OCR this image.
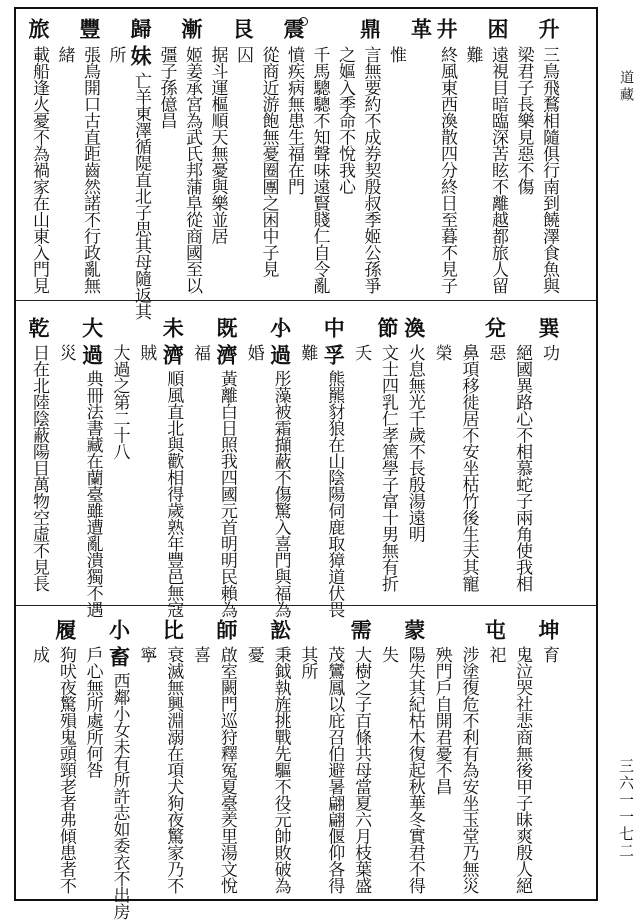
升
三鳥飛鶩相隨俱行南到饒澤食魚與
梁君子長樂見惡不傷
困
遠視目暗臨深苦眩不離越都旅人留
難
井
終風東西渙散四分終日至暮不見子
革
惟
鼎
言無要約不成券契殷叔季姬公孫爭
之嫗入季命不悅我心
千馬驄驄不知聲味遠賢賤仁自令亂
震
憤疾病無患生福在門
從商近游飽無憂圈團之困中子見
艮
囚
据斗運樞順天無憂與樂並居
漸
姬姜承宮為武氏邦蒲阜從商國至以
彊子孫億昌
歸妹
亡羊東澤循隄直北子思其母隨返其
所
豐
張鳥開口古直距齒然諾不行政亂無
緒
旅
載船逢火憂不為禍家在山東入門見
巽
功
絕國異路心不相慕蛇子兩角使我相
兌
惡
鼻項移徙居不安坐枯竹後生夫其寵
榮
渙
火息無光千歲不長殷湯遠明
節
文士四乳仁孝篤學子富十男無有折
夭
中孚
熊羆豺狼在山陰陽伺鹿取獐道伏畏
難
小過
彤藻被霜擷蔽不傷驚入喜門與福為
婚
既濟
黃離白日照我四國元首明明民賴為
福
未濟
順風直北與歡相得歲熟年豐邑無寇
賊
大過之第二十八
大過
典冊法書藏在蘭臺雖遭亂潰獨不遇
災
乾
日在北陸陰蔽陽目萬物空虛不見長
坤
育
鬼泣哭社悲商無後甲子昧爽殷人絕
屯
祀
涉塗復危不利有為安坐玉堂乃無災
殃門戶自開君憂不昌
蒙
陽失其紀枯木復起秋華冬實君不得
失
需
大樹之子百條共母當夏六月枝葉盛
茂鸞鳳以庇召伯避暑翩翩偃仰各得
其所
訟
秉鉞執旌挑戰先驅不役元帥敗破為
憂
師
啟室闕門巡狩釋冤夏臺羑里湯文悅
喜
比
衰滅無興淵溺在項犬狗夜驚家乃不
寧
小畜
西鄰小女未有所許志如委衣不出房
戶心無所處所何咎
履
狗吠夜驚殞鬼頭頸老者弗傾患者不
成
道藏
三六一一七二
